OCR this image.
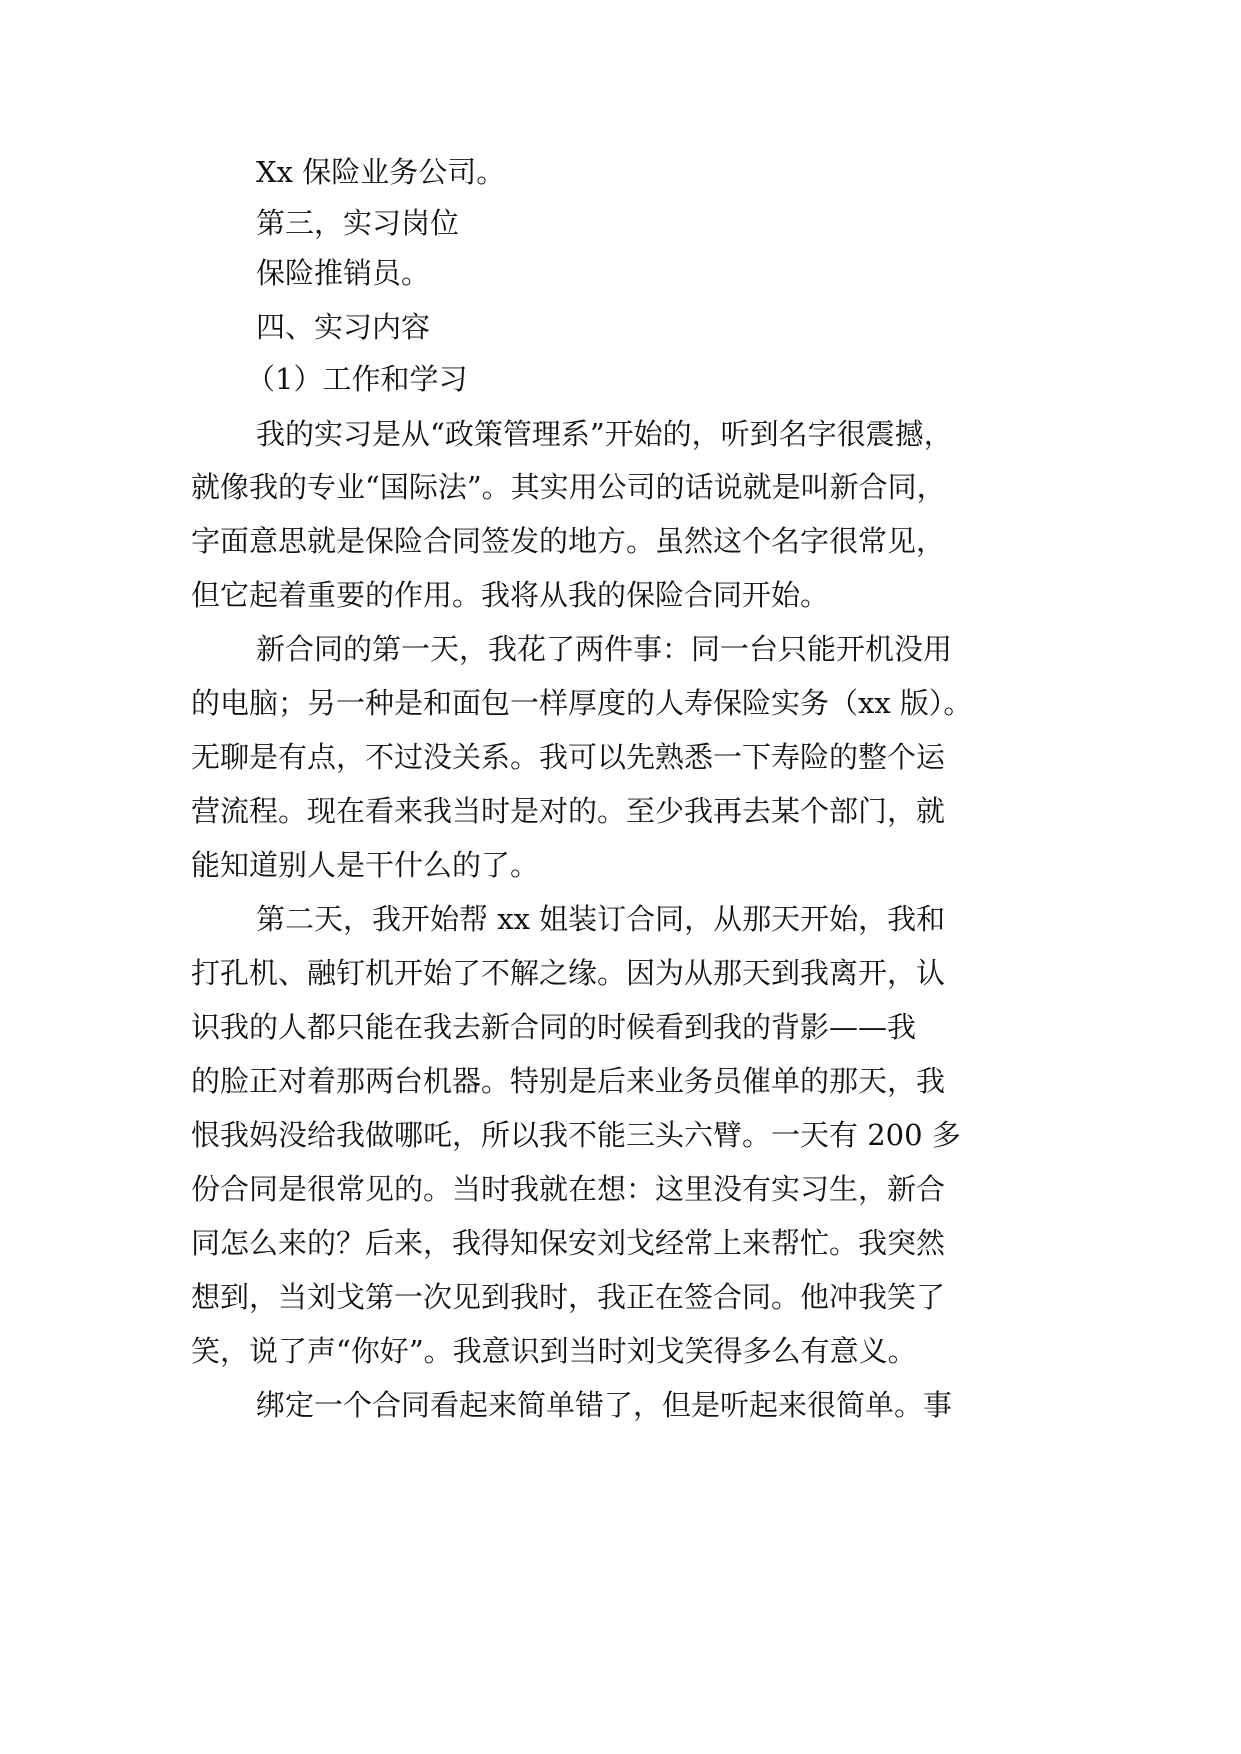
Xx 保险业务公司。
第三，实习岗位
保险推销员。
四、实习内容
（1）工作和学习
我的实习是从“政策管理系”开始的，听到名字很震撼，
就像我的专业“国际法”。其实用公司的话说就是叫新合同，
字面意思就是保险合同签发的地方。虽然这个名字很常见，
但它起着重要的作用。我将从我的保险合同开始。
新合同的第一天，我花了两件事：同一台只能开机没用
的电脑；另一种是和面包一样厚度的人寿保险实务（xx 版）。
无聊是有点，不过没关系。我可以先熟悉一下寿险的整个运
营流程。现在看来我当时是对的。至少我再去某个部门，就
能知道别人是干什么的了。
第二天，我开始帮 xx 姐装订合同，从那天开始，我和
打孔机、融钉机开始了不解之缘。因为从那天到我离开，认
识我的人都只能在我去新合同的时候看到我的背影——我
的脸正对着那两台机器。特别是后来业务员催单的那天，我
恨我妈没给我做哪吒，所以我不能三头六臂。一天有 200 多
份合同是很常见的。当时我就在想：这里没有实习生，新合
同怎么来的？后来，我得知保安刘戈经常上来帮忙。我突然
想到，当刘戈第一次见到我时，我正在签合同。他冲我笑了
笑，说了声“你好”。我意识到当时刘戈笑得多么有意义。
绑定一个合同看起来简单错了，但是听起来很简单。事
